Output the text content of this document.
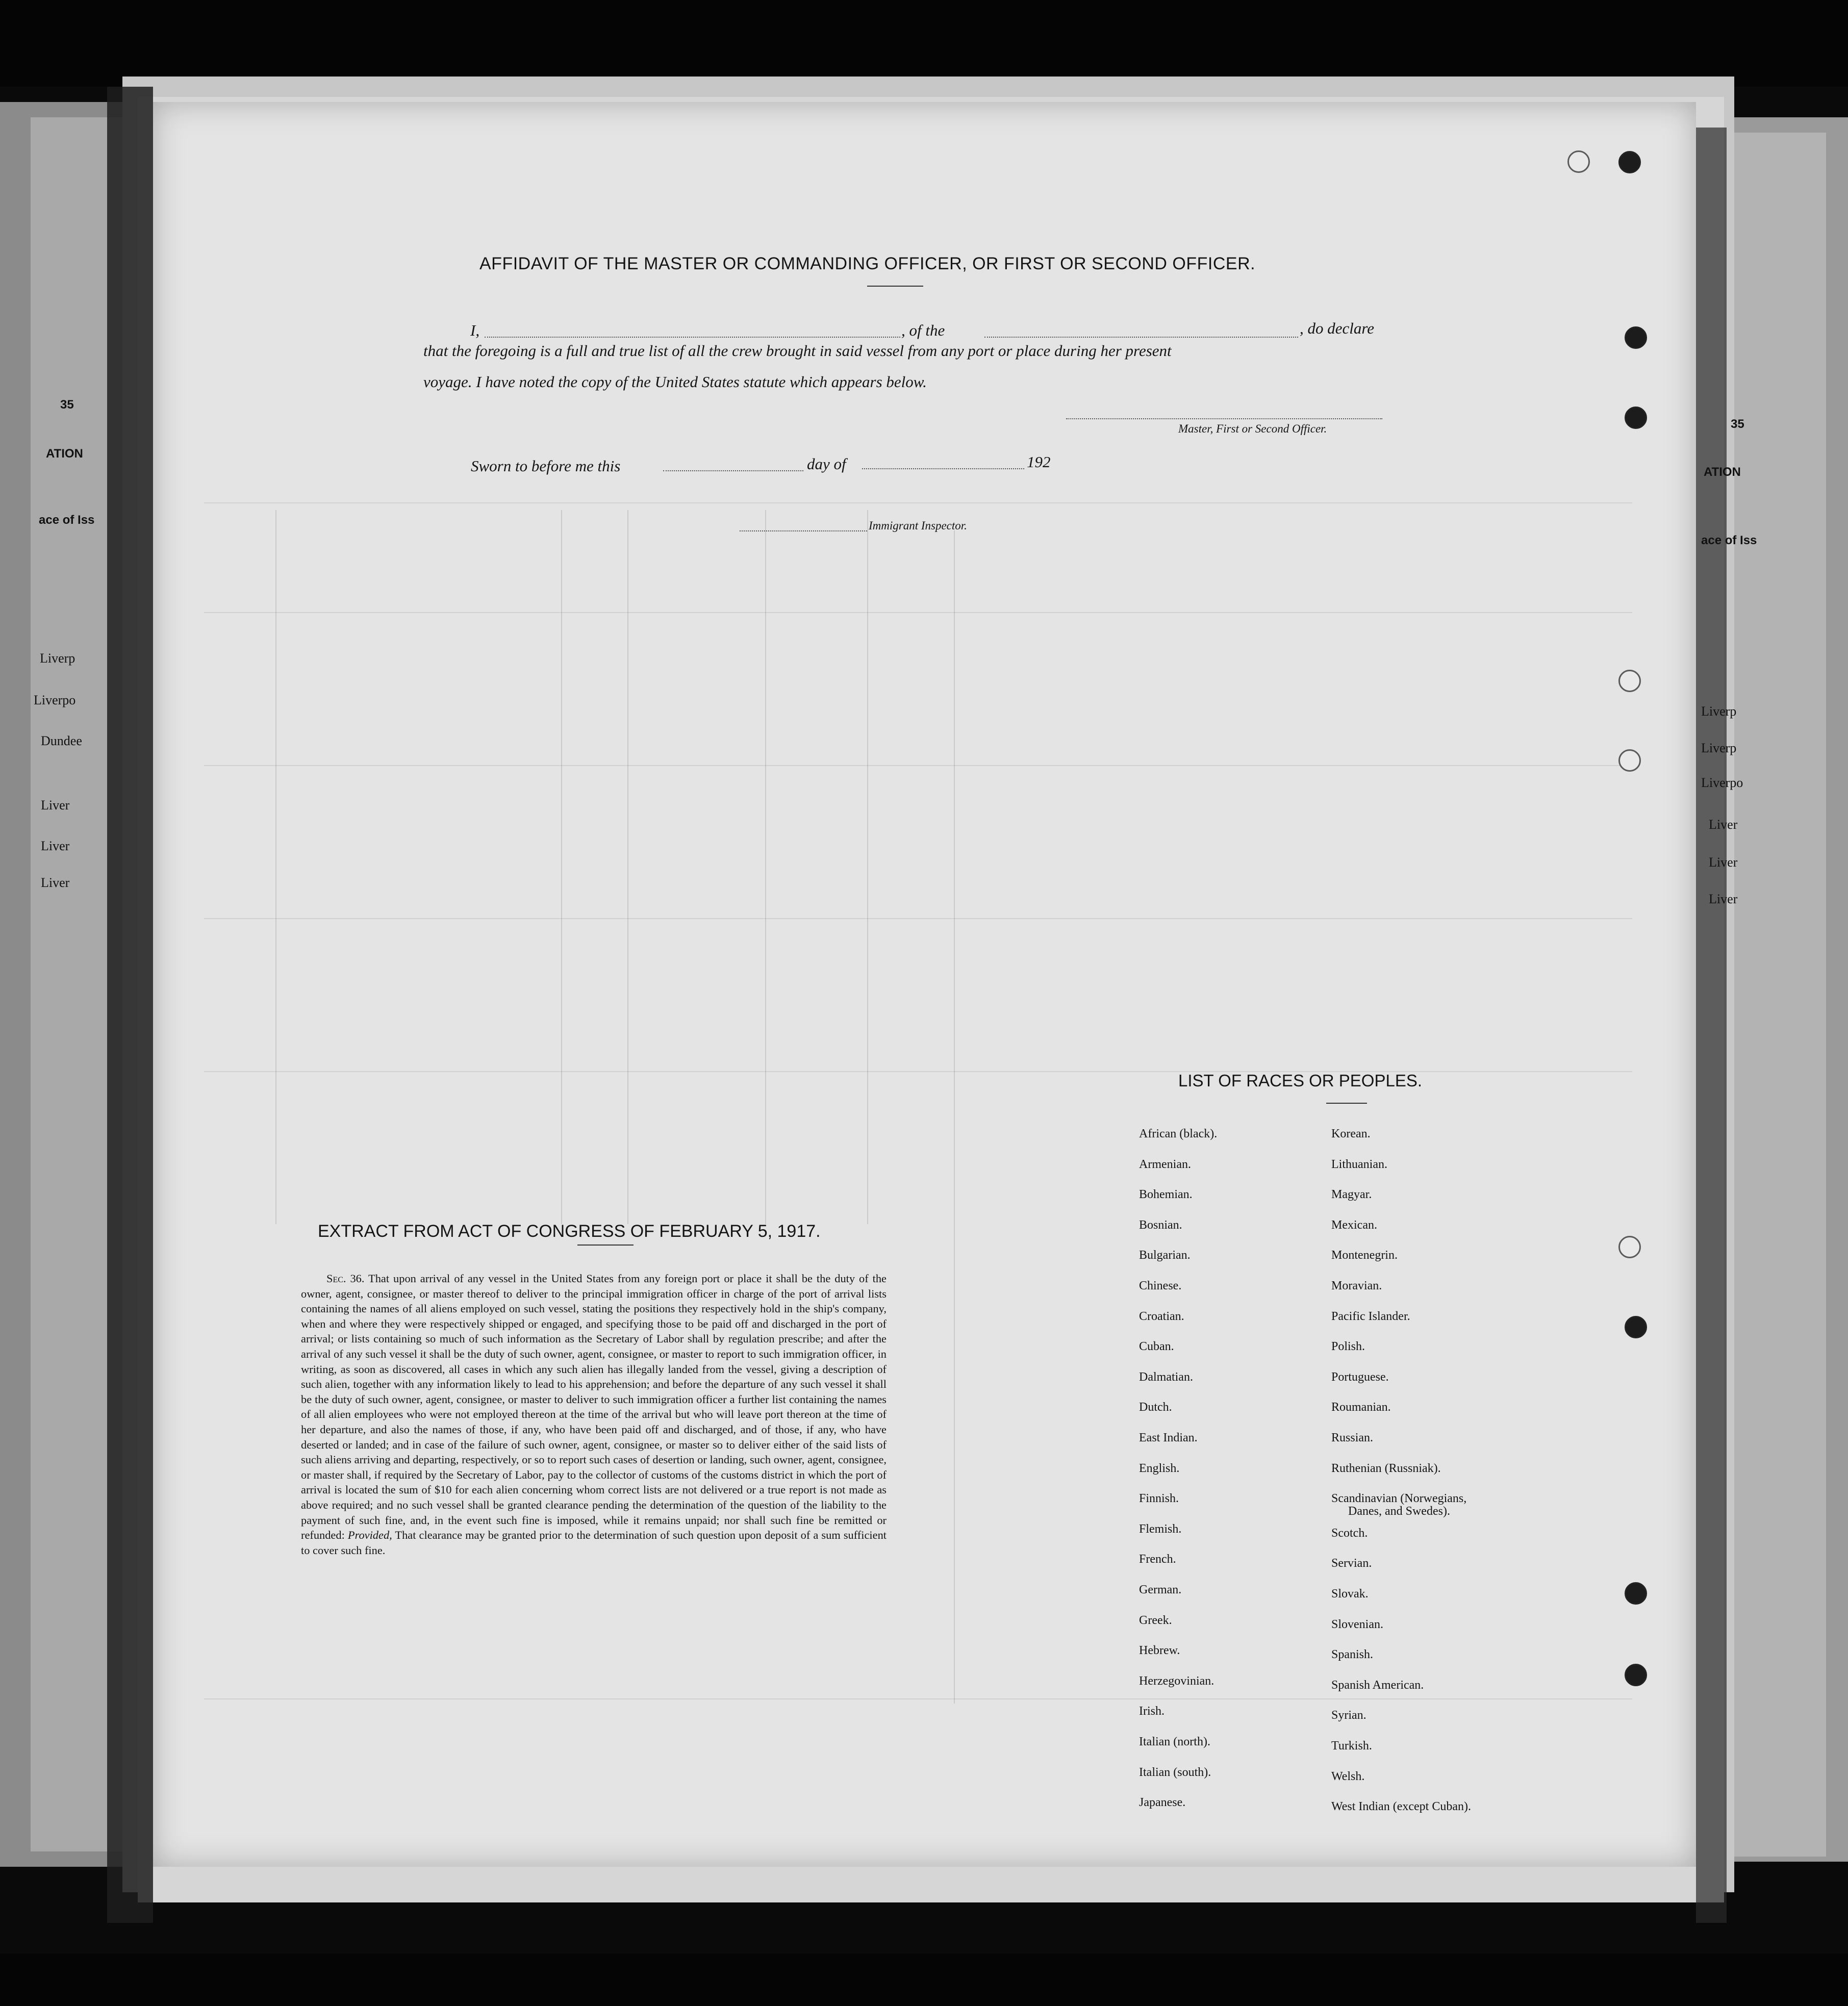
35
ATION
ace of Iss
Liverp
Liverpo
Dundee
Liver
Liver
Liver
35
ATION
ace of Iss
Liverp
Liverp
Liverpo
Liver
Liver
Liver
AFFIDAVIT OF THE MASTER OR COMMANDING OFFICER, OR FIRST OR SECOND OFFICER.
I,	, of the	, do declare
that the foregoing is a full and true list of all the crew brought in said vessel from any port or place during her present
voyage. I have noted the copy of the United States statute which appears below.
Master, First or Second Officer.
Sworn to before me this	day of	192
Immigrant Inspector.
EXTRACT FROM ACT OF CONGRESS OF FEBRUARY 5, 1917.

Sec. 36. That upon arrival of any vessel in the United States from any foreign port or place it shall be the duty of the owner, agent, consignee, or master thereof to deliver to the principal immigration officer in charge of the port of arrival lists containing the names of all aliens employed on such vessel, stating the positions they respectively hold in the ship's company, when and where they were respectively shipped or engaged, and specifying those to be paid off and discharged in the port of arrival; or lists containing so much of such information as the Secretary of Labor shall by regulation prescribe; and after the arrival of any such vessel it shall be the duty of such owner, agent, consignee, or master to report to such immigration officer, in writing, as soon as discovered, all cases in which any such alien has illegally landed from the vessel, giving a description of such alien, together with any information likely to lead to his apprehension; and before the departure of any such vessel it shall be the duty of such owner, agent, consignee, or master to deliver to such immigration officer a further list containing the names of all alien employees who were not employed thereon at the time of the arrival but who will leave port thereon at the time of her departure, and also the names of those, if any, who have been paid off and discharged, and of those, if any, who have deserted or landed; and in case of the failure of such owner, agent, consignee, or master so to deliver either of the said lists of such aliens arriving and departing, respectively, or so to report such cases of desertion or landing, such owner, agent, consignee, or master shall, if required by the Secretary of Labor, pay to the collector of customs of the customs district in which the port of arrival is located the sum of $10 for each alien concerning whom correct lists are not delivered or a true report is not made as above required; and no such vessel shall be granted clearance pending the determination of the question of the liability to the payment of such fine, and, in the event such fine is imposed, while it remains unpaid; nor shall such fine be remitted or refunded: Provided, That clearance may be granted prior to the determination of such question upon deposit of a sum sufficient to cover such fine.

LIST OF RACES OR PEOPLES.
African (black).
Armenian.
Bohemian.
Bosnian.
Bulgarian.
Chinese.
Croatian.
Cuban.
Dalmatian.
Dutch.
East Indian.
English.
Finnish.
Flemish.
French.
German.
Greek.
Hebrew.
Herzegovinian.
Irish.
Italian (north).
Italian (south).
Japanese.
Korean.
Lithuanian.
Magyar.
Mexican.
Montenegrin.
Moravian.
Pacific Islander.
Polish.
Portuguese.
Roumanian.
Russian.
Ruthenian (Russniak).
Scandinavian (Norwegians,
Scotch.
Servian.
Slovak.
Slovenian.
Spanish.
Spanish American.
Syrian.
Turkish.
Welsh.
West Indian (except Cuban).
Danes, and Swedes).
